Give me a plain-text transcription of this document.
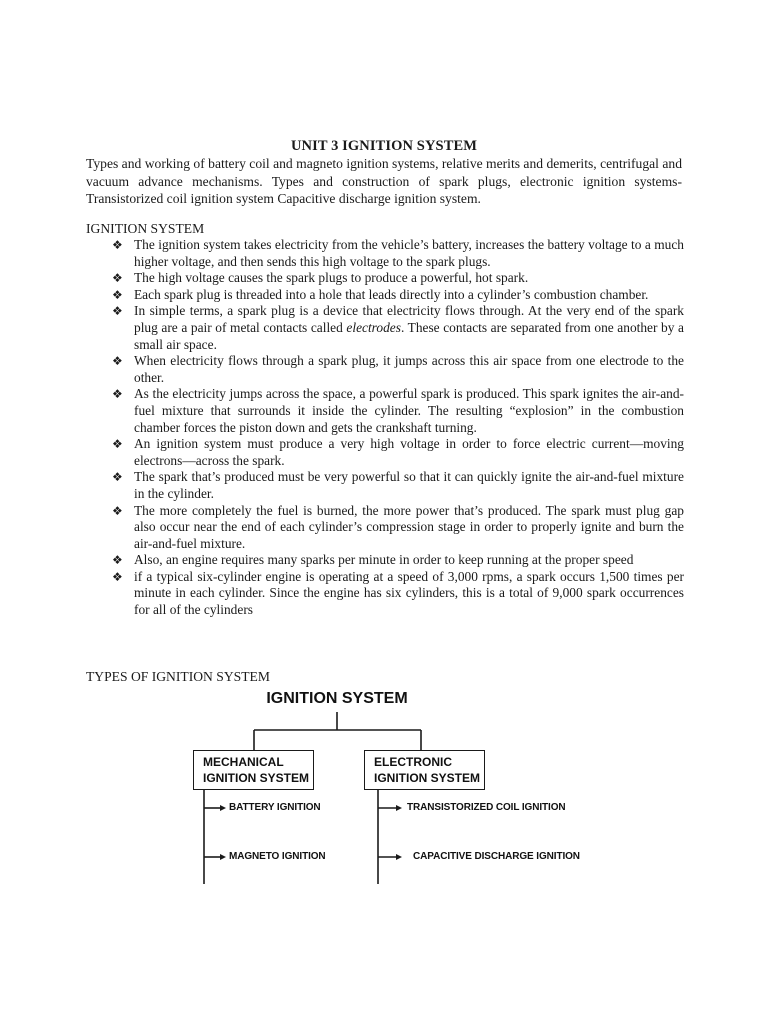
UNIT 3 IGNITION SYSTEM
Types and working of battery coil and magneto ignition systems, relative merits and demerits, centrifugal and vacuum advance mechanisms. Types and construction of spark plugs, electronic ignition systems- Transistorized coil ignition system Capacitive discharge ignition system.
IGNITION SYSTEM
❖ The ignition system takes electricity from the vehicle’s battery, increases the battery voltage to a much higher voltage, and then sends this high voltage to the spark plugs.
❖ The high voltage causes the spark plugs to produce a powerful, hot spark.
❖ Each spark plug is threaded into a hole that leads directly into a cylinder’s combustion chamber.
❖ In simple terms, a spark plug is a device that electricity flows through. At the very end of the spark plug are a pair of metal contacts called electrodes. These contacts are separated from one another by a small air space.
❖ When electricity flows through a spark plug, it jumps across this air space from one electrode to the other.
❖ As the electricity jumps across the space, a powerful spark is produced. This spark ignites the air-and-fuel mixture that surrounds it inside the cylinder. The resulting “explosion” in the combustion chamber forces the piston down and gets the crankshaft turning.
❖ An ignition system must produce a very high voltage in order to force electric current—moving electrons—across the spark.
❖ The spark that’s produced must be very powerful so that it can quickly ignite the air-and-fuel mixture in the cylinder.
❖ The more completely the fuel is burned, the more power that’s produced. The spark must plug gap also occur near the end of each cylinder’s compression stage in order to properly ignite and burn the air-and-fuel mixture.
❖ Also, an engine requires many sparks per minute in order to keep running at the proper speed
❖ if a typical six-cylinder engine is operating at a speed of 3,000 rpms, a spark occurs 1,500 times per minute in each cylinder. Since the engine has six cylinders, this is a total of 9,000 spark occurrences for all of the cylinders
TYPES OF IGNITION SYSTEM
IGNITION SYSTEM
MECHANICAL
IGNITION SYSTEM
ELECTRONIC
IGNITION SYSTEM
BATTERY IGNITION
MAGNETO IGNITION
TRANSISTORIZED COIL IGNITION
CAPACITIVE DISCHARGE IGNITION
